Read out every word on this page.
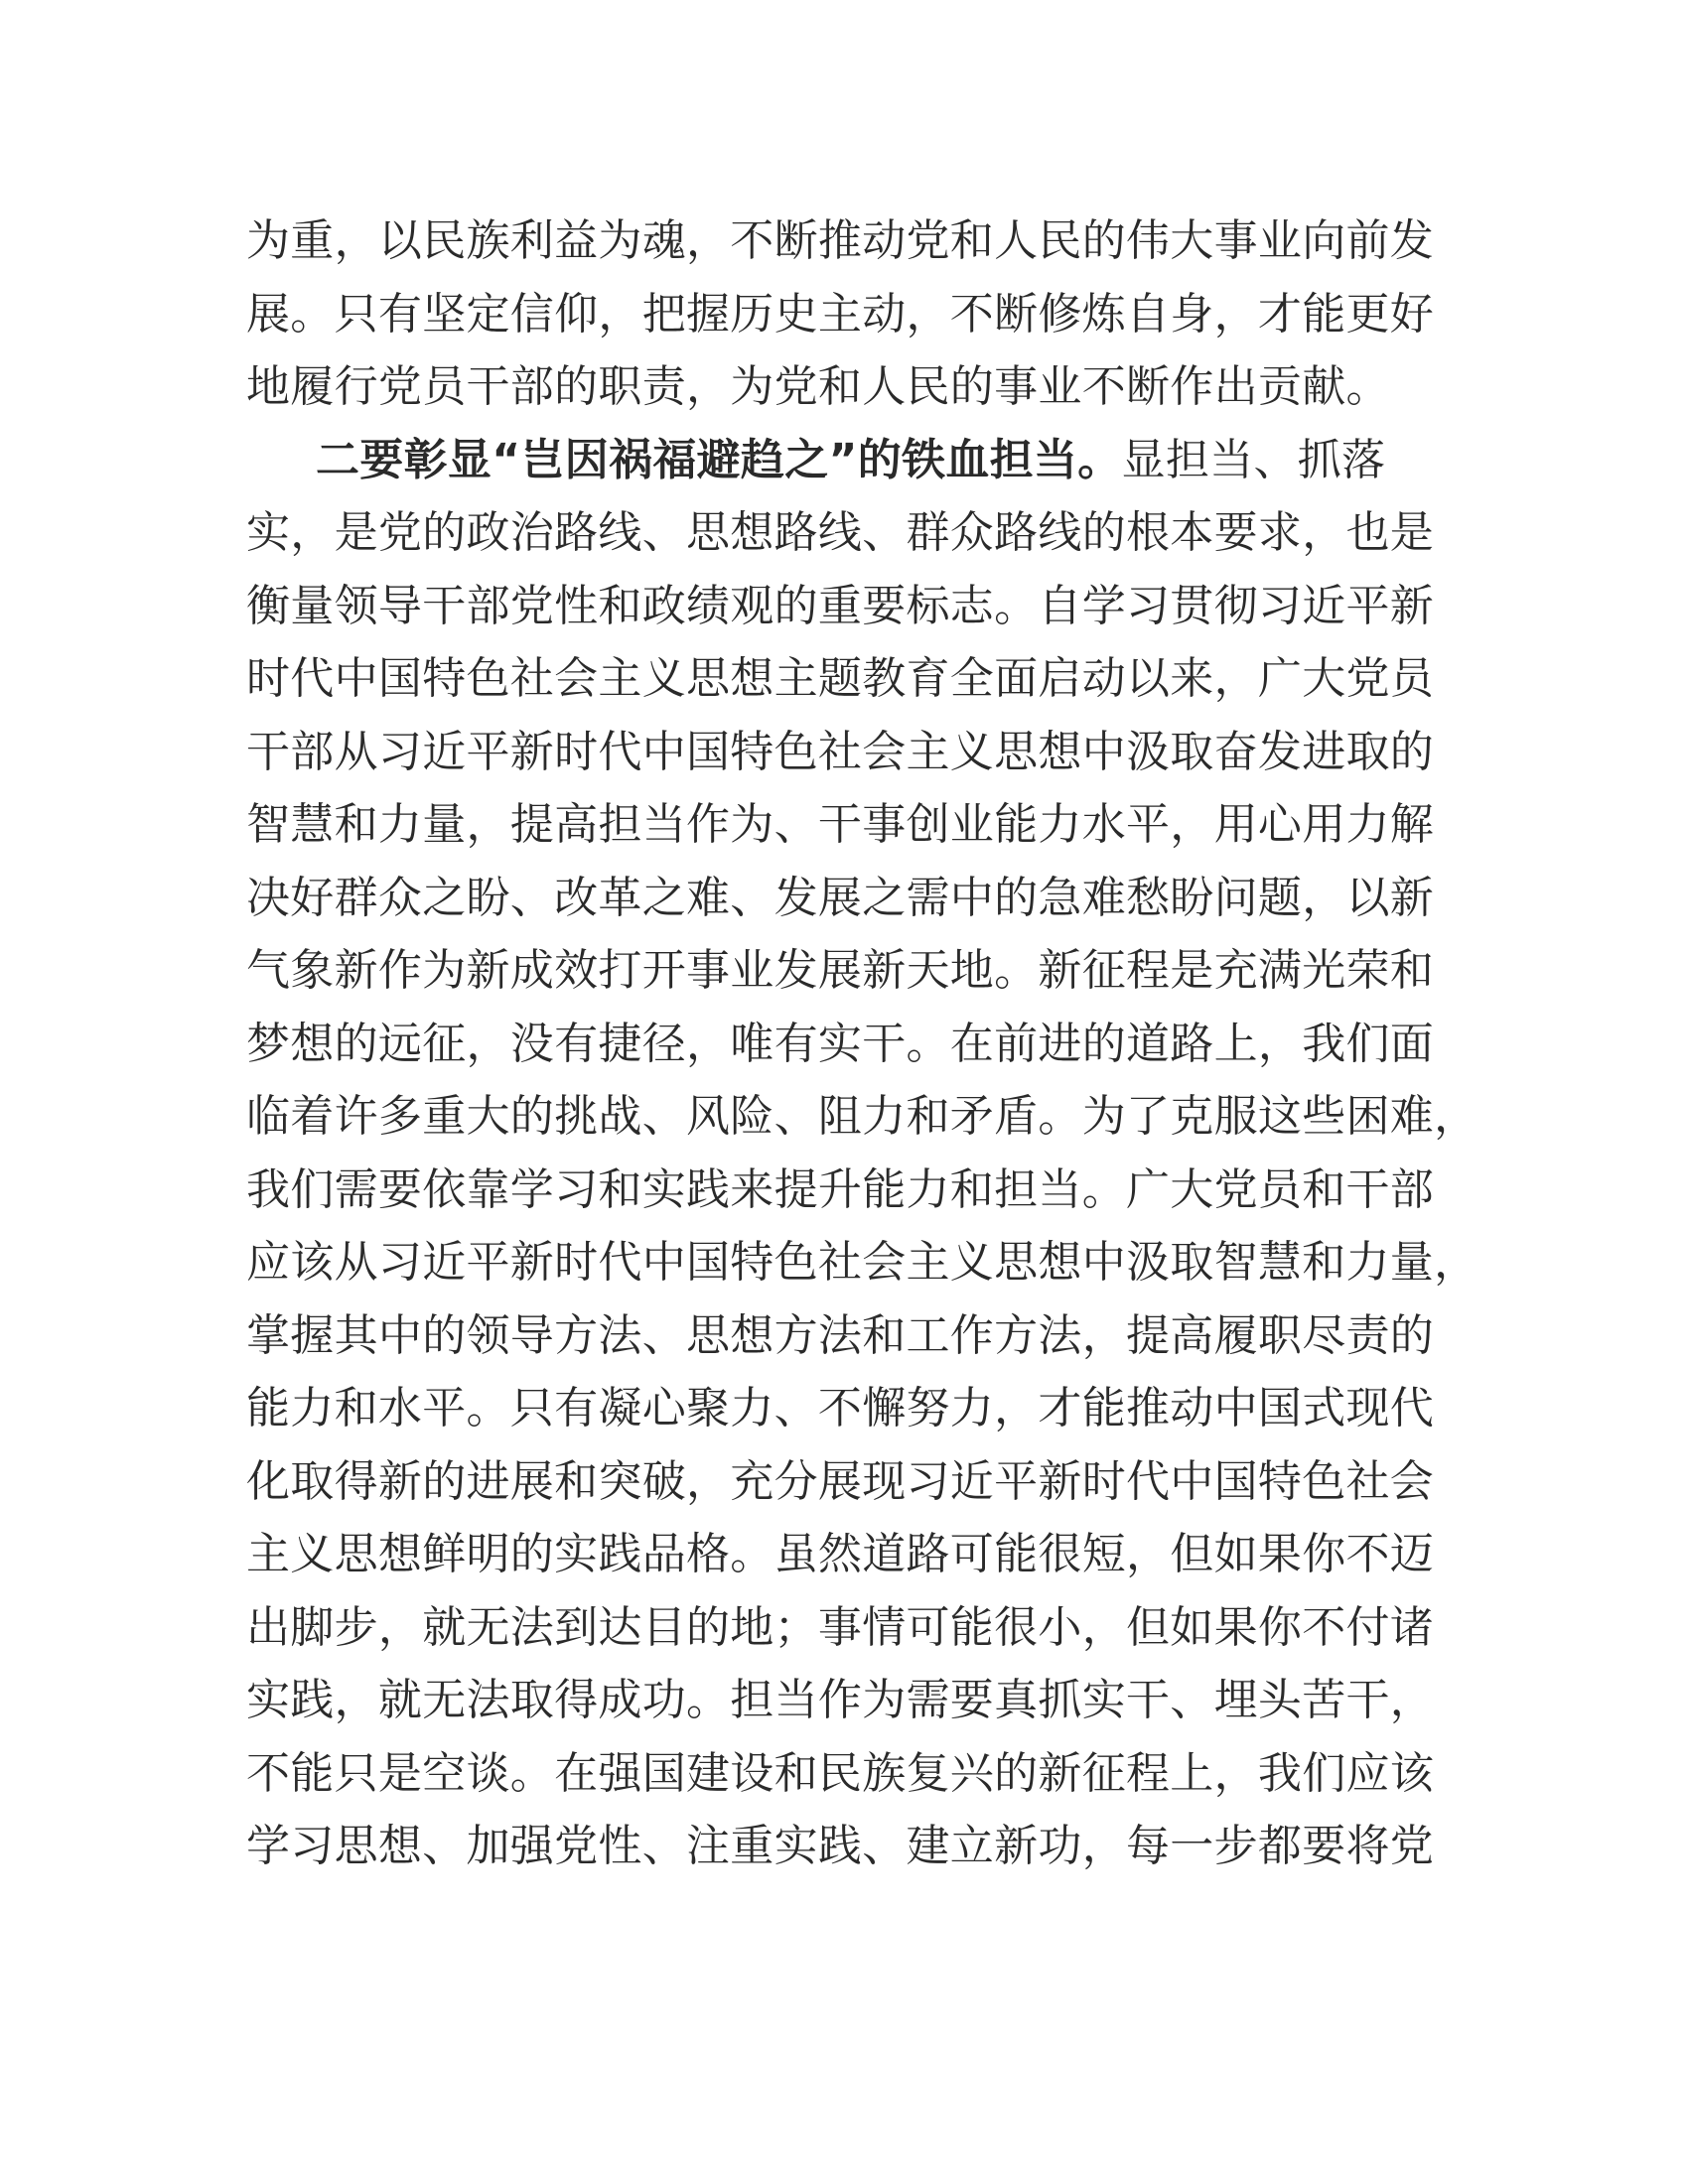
为重，以民族利益为魂，不断推动党和人民的伟大事业向前发
展。只有坚定信仰，把握历史主动，不断修炼自身，才能更好
地履行党员干部的职责，为党和人民的事业不断作出贡献。
二要彰显“岂因祸福避趋之”的铁血担当。显担当、抓落
实，是党的政治路线、思想路线、群众路线的根本要求，也是
衡量领导干部党性和政绩观的重要标志。自学习贯彻习近平新
时代中国特色社会主义思想主题教育全面启动以来，广大党员
干部从习近平新时代中国特色社会主义思想中汲取奋发进取的
智慧和力量，提高担当作为、干事创业能力水平，用心用力解
决好群众之盼、改革之难、发展之需中的急难愁盼问题，以新
气象新作为新成效打开事业发展新天地。新征程是充满光荣和
梦想的远征，没有捷径，唯有实干。在前进的道路上，我们面
临着许多重大的挑战、风险、阻力和矛盾。为了克服这些困难，
我们需要依靠学习和实践来提升能力和担当。广大党员和干部
应该从习近平新时代中国特色社会主义思想中汲取智慧和力量，
掌握其中的领导方法、思想方法和工作方法，提高履职尽责的
能力和水平。只有凝心聚力、不懈努力，才能推动中国式现代
化取得新的进展和突破，充分展现习近平新时代中国特色社会
主义思想鲜明的实践品格。虽然道路可能很短，但如果你不迈
出脚步，就无法到达目的地；事情可能很小，但如果你不付诸
实践，就无法取得成功。担当作为需要真抓实干、埋头苦干，
不能只是空谈。在强国建设和民族复兴的新征程上，我们应该
学习思想、加强党性、注重实践、建立新功，每一步都要将党
